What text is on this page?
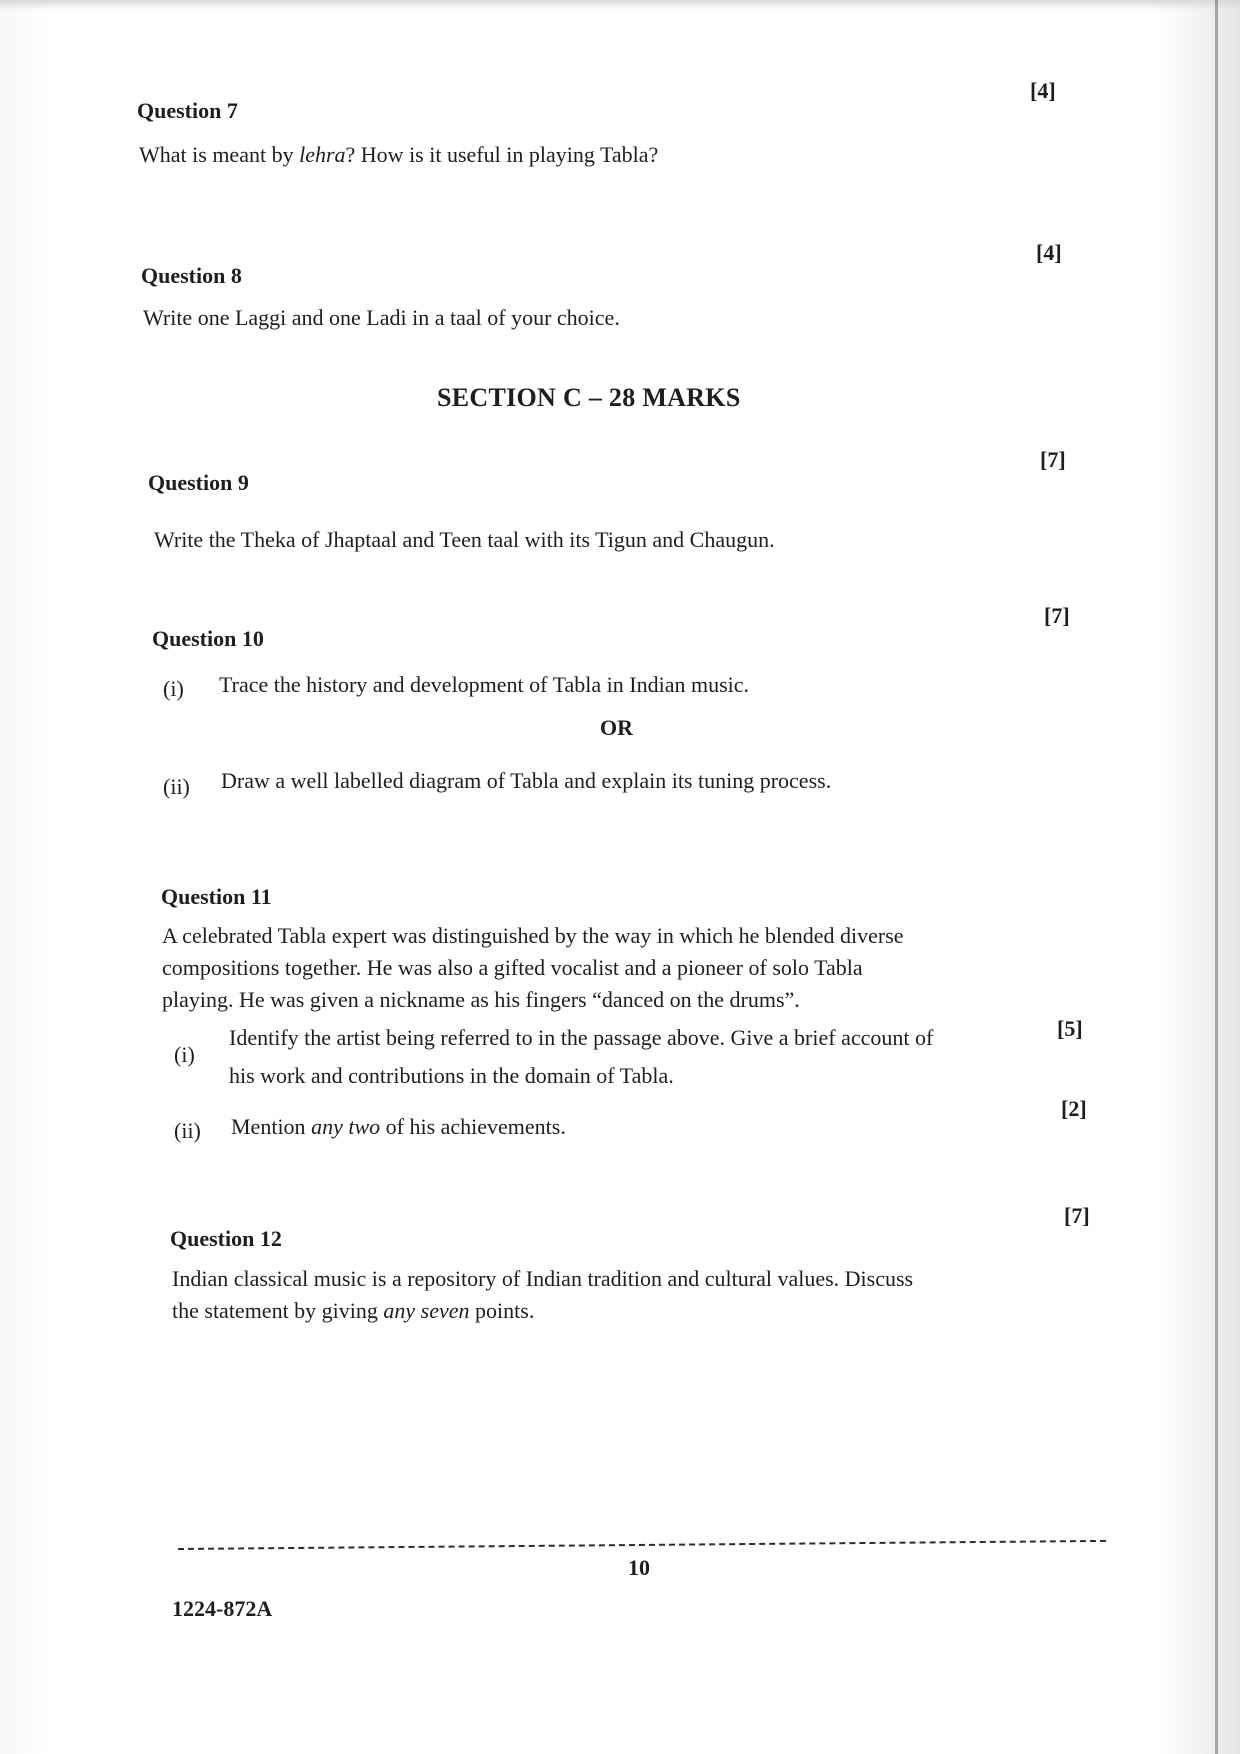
[4]
Question 7
What is meant by lehra? How is it useful in playing Tabla?
[4]
Question 8
Write one Laggi and one Ladi in a taal of your choice.
SECTION C – 28 MARKS
[7]
Question 9
Write the Theka of Jhaptaal and Teen taal with its Tigun and Chaugun.
[7]
Question 10
(i) Trace the history and development of Tabla in Indian music.
OR
(ii) Draw a well labelled diagram of Tabla and explain its tuning process.
Question 11
A celebrated Tabla expert was distinguished by the way in which he blended diverse
compositions together. He was also a gifted vocalist and a pioneer of solo Tabla
playing. He was given a nickname as his fingers “danced on the drums”.
(i)
Identify the artist being referred to in the passage above. Give a brief account of
his work and contributions in the domain of Tabla.
[5]
(ii) Mention any two of his achievements.
[2]
[7]
Question 12
Indian classical music is a repository of Indian tradition and cultural values. Discuss
the statement by giving any seven points.
10
1224-872A
